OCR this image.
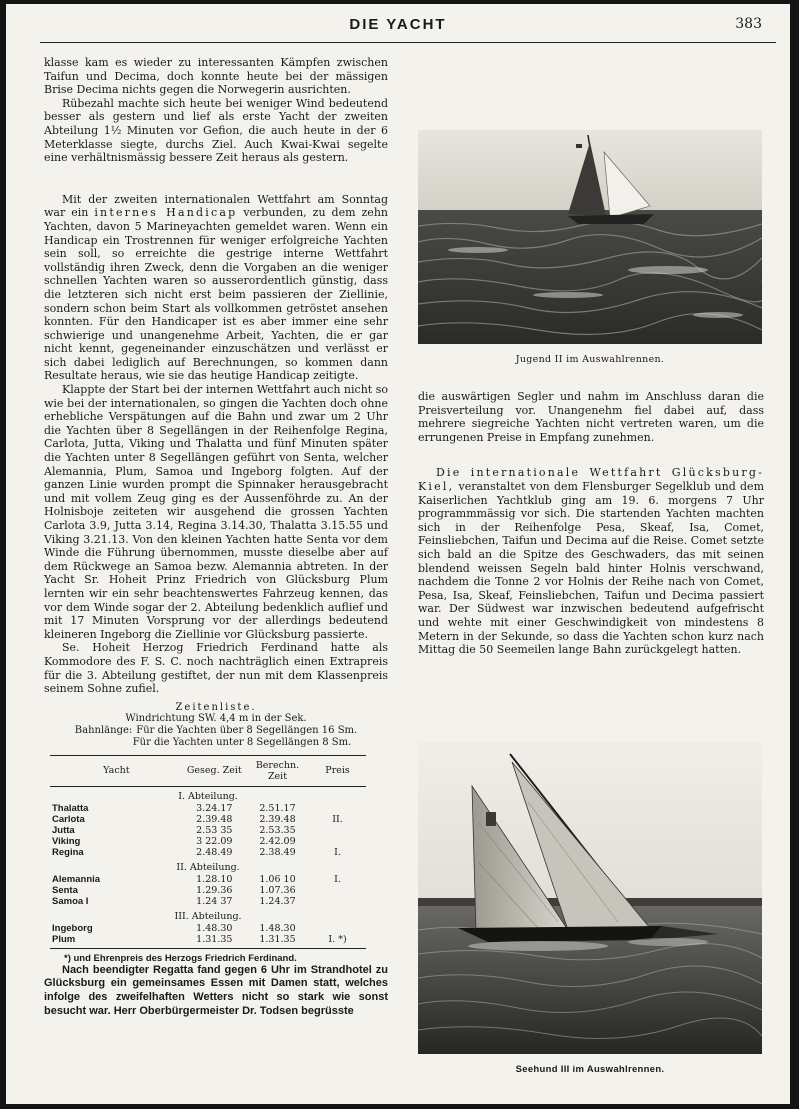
DIE YACHT	383

klasse kam es wieder zu interessanten Kämpfen zwischen Taifun und Decima, doch konnte heute bei der mässigen Brise Decima nichts gegen die Norwegerin ausrichten.

Rübezahl machte sich heute bei weniger Wind bedeutend besser als gestern und lief als erste Yacht der zweiten Abteilung 1½ Minuten vor Gefion, die auch heute in der 6 Meterklasse siegte, durchs Ziel. Auch Kwai-Kwai segelte eine verhältnismässig bessere Zeit heraus als gestern.

Mit der zweiten internationalen Wettfahrt am Sonntag war ein internes Handicap verbunden, zu dem zehn Yachten, davon 5 Marineyachten gemeldet waren. Wenn ein Handicap ein Trostrennen für weniger erfolgreiche Yachten sein soll, so erreichte die gestrige interne Wettfahrt vollständig ihren Zweck, denn die Vorgaben an die weniger schnellen Yachten waren so ausserordentlich günstig, dass die letzteren sich nicht erst beim passieren der Ziellinie, sondern schon beim Start als vollkommen getröstet ansehen konnten. Für den Handicaper ist es aber immer eine sehr schwierige und unangenehme Arbeit, Yachten, die er gar nicht kennt, gegeneinander einzuschätzen und verlässt er sich dabei lediglich auf Berechnungen, so kommen dann Resultate heraus, wie sie das heutige Handicap zeitigte.

Klappte der Start bei der internen Wettfahrt auch nicht so wie bei der internationalen, so gingen die Yachten doch ohne erhebliche Verspätungen auf die Bahn und zwar um 2 Uhr die Yachten über 8 Segellängen in der Reihenfolge Regina, Carlota, Jutta, Viking und Thalatta und fünf Minuten später die Yachten unter 8 Segellängen geführt von Senta, welcher Alemannia, Plum, Samoa und Ingeborg folgten. Auf der ganzen Linie wurden prompt die Spinnaker herausgebracht und mit vollem Zeug ging es der Aussenföhrde zu. An der Holnisboje zeiteten wir ausgehend die grossen Yachten Carlota 3.9, Jutta 3.14, Regina 3.14.30, Thalatta 3.15.55 und Viking 3.21.13. Von den kleinen Yachten hatte Senta vor dem Winde die Führung übernommen, musste dieselbe aber auf dem Rückwege an Samoa bezw. Alemannia abtreten. In der Yacht Sr. Hoheit Prinz Friedrich von Glücksburg Plum lernten wir ein sehr beachtenswertes Fahrzeug kennen, das vor dem Winde sogar der 2. Abteilung bedenklich auflief und mit 17 Minuten Vorsprung vor der allerdings bedeutend kleineren Ingeborg die Ziellinie vor Glücksburg passierte.

Se. Hoheit Herzog Friedrich Ferdinand hatte als Kommodore des F. S. C. noch nachträglich einen Extrapreis für die 3. Abteilung gestiftet, der nun mit dem Klassenpreis seinem Sohne zufiel.

Zeitenliste.
Windrichtung SW. 4,4 m in der Sek.
Bahnlänge: Für die Yachten über 8 Segellängen 16 Sm.
Für die Yachten unter 8 Segellängen 8 Sm.
Yacht	Geseg. Zeit	Berechn. Zeit	Preis
I. Abteilung.			
Thalatta	3.24.17	2.51.17	
Carlota	2.39.48	2.39.48	II.
Jutta	2.53 35	2.53.35	
Viking	3 22.09	2.42.09	
Regina	2.48.49	2.38.49	I.
II. Abteilung.			
Alemannia	1.28.10	1.06 10	I.
Senta	1.29.36	1.07.36	
Samoa I	1.24 37	1.24.37	
III. Abteilung.			
Ingeborg	1.48.30	1.48.30	
Plum	1.31.35	1.31.35	I. *)
*) und Ehrenpreis des Herzogs Friedrich Ferdinand.

Nach beendigter Regatta fand gegen 6 Uhr im Strandhotel zu Glücksburg ein gemeinsames Essen mit Damen statt, welches infolge des zweifelhaften Wetters nicht so stark wie sonst besucht war. Herr Oberbürgermeister Dr. Todsen begrüsste

Jugend II im Auswahlrennen.

die auswärtigen Segler und nahm im Anschluss daran die Preisverteilung vor. Unangenehm fiel dabei auf, dass mehrere siegreiche Yachten nicht vertreten waren, um die errungenen Preise in Empfang zunehmen.

Die internationale Wettfahrt Glücksburg-Kiel, veranstaltet von dem Flensburger Segelklub und dem Kaiserlichen Yachtklub ging am 19. 6. morgens 7 Uhr programmmässig vor sich. Die startenden Yachten machten sich in der Reihenfolge Pesa, Skeaf, Isa, Comet, Feinsliebchen, Taifun und Decima auf die Reise. Comet setzte sich bald an die Spitze des Geschwaders, das mit seinen blendend weissen Segeln bald hinter Holnis verschwand, nachdem die Tonne 2 vor Holnis der Reihe nach von Comet, Pesa, Isa, Skeaf, Feinsliebchen, Taifun und Decima passiert war. Der Südwest war inzwischen bedeutend aufgefrischt und wehte mit einer Geschwindigkeit von mindestens 8 Metern in der Sekunde, so dass die Yachten schon kurz nach Mittag die 50 Seemeilen lange Bahn zurückgelegt hatten.

Seehund III im Auswahlrennen.
